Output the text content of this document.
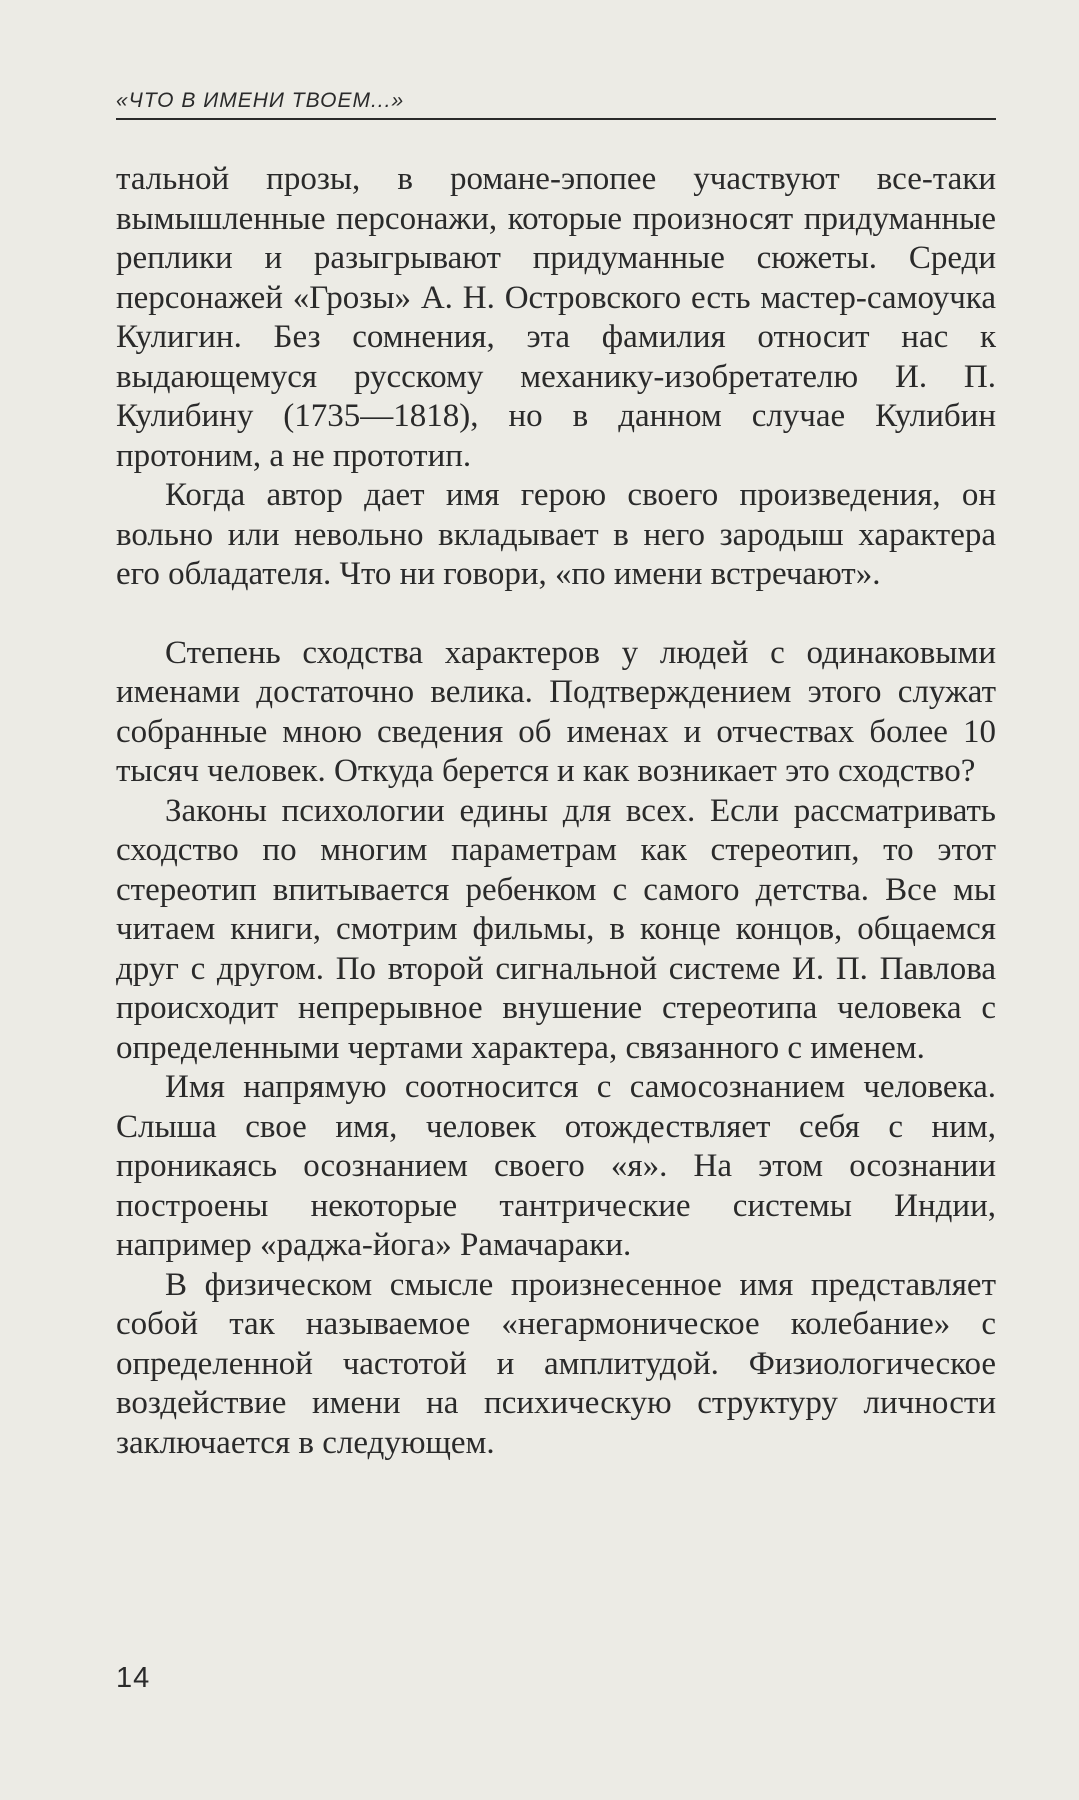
«ЧТО В ИМЕНИ ТВОЕМ...»

тальной прозы, в романе-эпопее участвуют все-таки вымышленные персонажи, которые произносят придуманные реплики и разыгрывают придуманные сюжеты. Среди персонажей «Грозы» А. Н. Островского есть мастер-самоучка Кулигин. Без сомнения, эта фамилия относит нас к выдающемуся русскому механику-изобретателю И. П. Кулибину (1735—1818), но в данном случае Кулибин протоним, а не прототип.

Когда автор дает имя герою своего произведения, он вольно или невольно вкладывает в него зародыш характера его обладателя. Что ни говори, «по имени встречают».

Степень сходства характеров у людей с одинаковыми именами достаточно велика. Подтверждением этого служат собранные мною сведения об именах и отчествах более 10 тысяч человек. Откуда берется и как возникает это сходство?

Законы психологии едины для всех. Если рассматривать сходство по многим параметрам как стереотип, то этот стереотип впитывается ребенком с самого детства. Все мы читаем книги, смотрим фильмы, в конце концов, общаемся друг с другом. По второй сигнальной системе И. П. Павлова происходит непрерывное внушение стереотипа человека с определенными чертами характера, связанного с именем.

Имя напрямую соотносится с самосознанием человека. Слыша свое имя, человек отождествляет себя с ним, проникаясь осознанием своего «я». На этом осознании построены некоторые тантрические системы Индии, например «раджа-йога» Рамачараки.

В физическом смысле произнесенное имя представляет собой так называемое «негармоническое колебание» с определенной частотой и амплитудой. Физиологическое воздействие имени на психическую структуру личности заключается в следующем.

14
